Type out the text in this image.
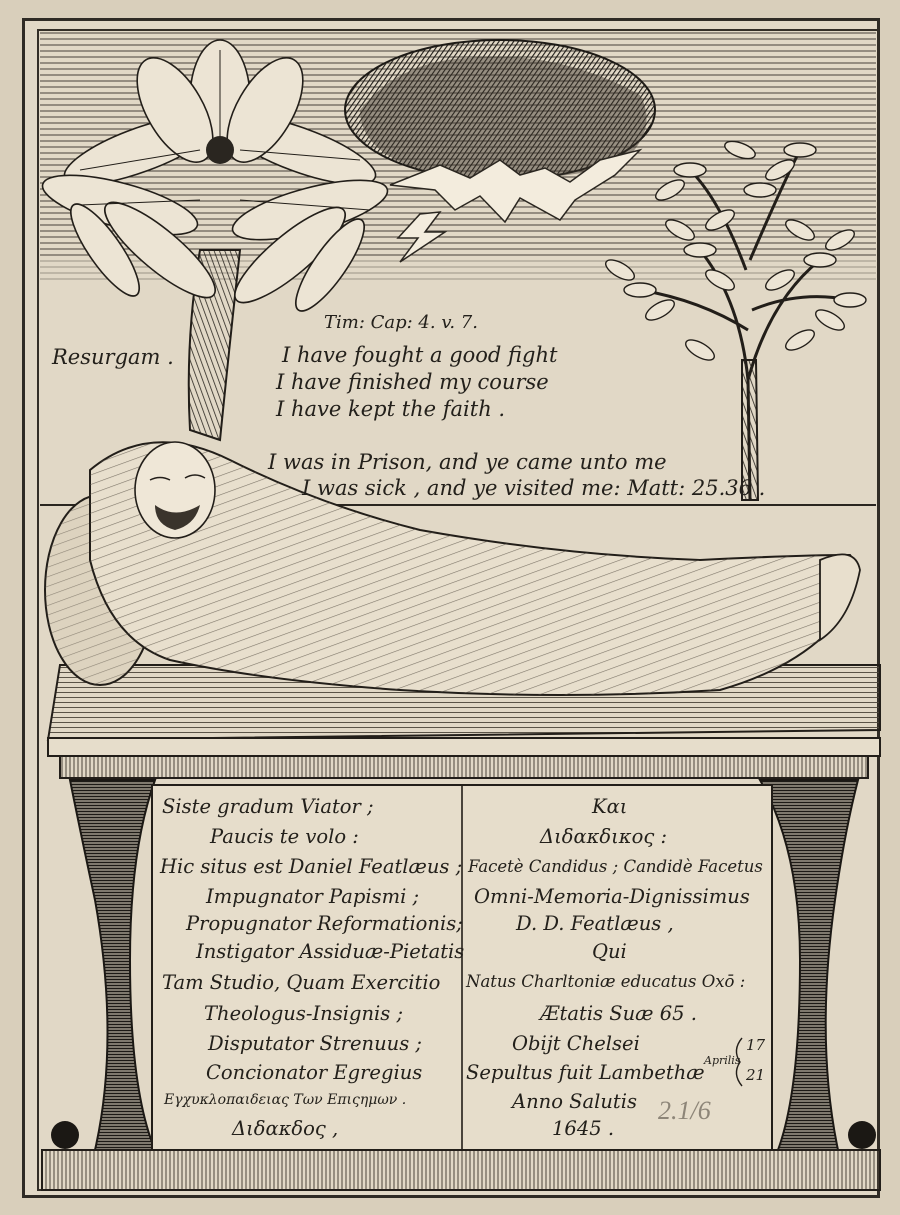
Resurgam .
Tim: Cap: 4. v. 7.
I have fought a good fight
I have finished my course
I have kept the faith .
I was in Prison, and ye came unto me
I was sick , and ye visited me: Matt: 25.36 .
Siste gradum Viator ;
Paucis te volo :
Hic situs est Daniel Featlæus ;
Impugnator Papismi ;
Propugnator Reformationis;
Instigator Assiduæ-Pietatis
Tam Studio, Quam Exercitio
Theologus-Insignis ;
Disputator Strenuus ;
Concionator Egregius
Εγχυκλοπαιδειας Των Επιςημων .
Διδακδος ,
Και
Διδακδικος :
Facetè Candidus ; Candidè Facetus
Omni-Memoria-Dignissimus
D. D. Featlæus ,
Qui
Natus Charltoniæ educatus Oxō :
Ætatis Suæ 65 .
Obijt Chelsei
Sepultus fuit Lambethæ
Anno Salutis
1645 .
Aprilis
17
21
2.1/6
